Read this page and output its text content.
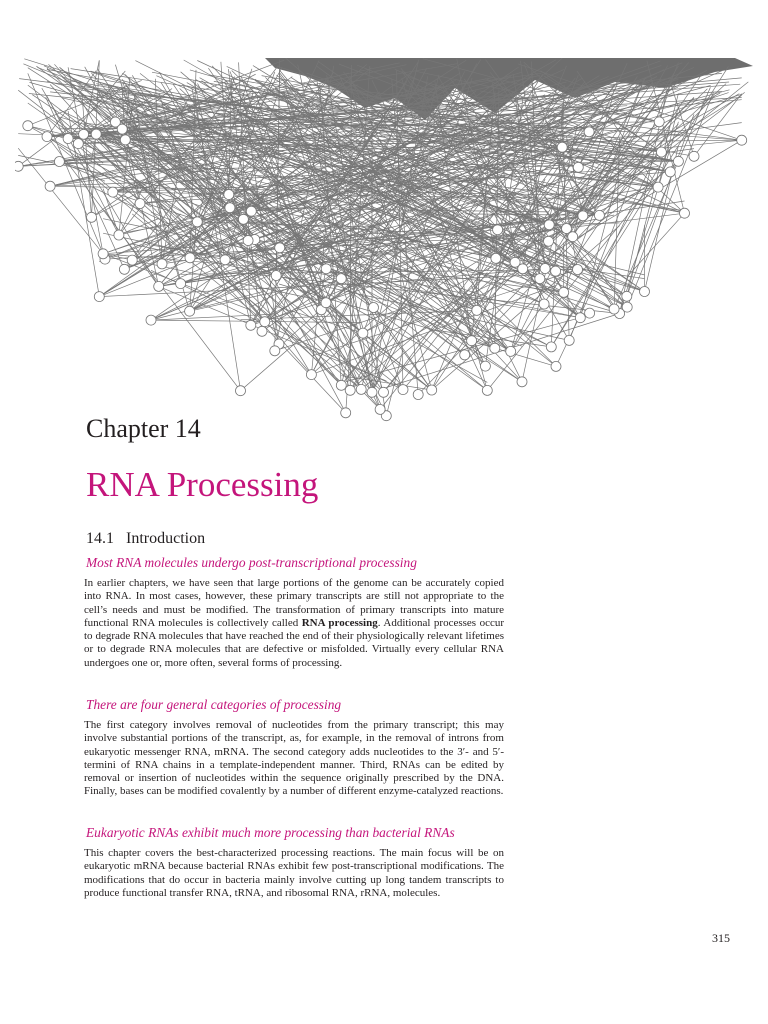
Chapter 14
RNA Processing
14.1 Introduction
Most RNA molecules undergo post-transcriptional processing

In earlier chapters, we have seen that large portions of the genome can be accurately copied into RNA. In most cases, however, these primary transcripts are still not appropriate to the cell’s needs and must be modified. The transformation of primary transcripts into mature functional RNA molecules is collectively called RNA processing. Additional processes occur to degrade RNA molecules that have reached the end of their physiologically relevant lifetimes or to degrade RNA molecules that are defective or misfolded. Virtually every cellular RNA undergoes one or, more often, several forms of processing.

There are four general categories of processing

The first category involves removal of nucleotides from the primary transcript; this may involve substantial portions of the transcript, as, for example, in the removal of introns from eukaryotic messenger RNA, mRNA. The second category adds nucleotides to the 3′- and 5′-termini of RNA chains in a template-independent manner. Third, RNAs can be edited by removal or insertion of nucleotides within the sequence originally prescribed by the DNA. Finally, bases can be modified covalently by a number of different enzyme-catalyzed reactions.

Eukaryotic RNAs exhibit much more processing than bacterial RNAs

This chapter covers the best-characterized processing reactions. The main focus will be on eukaryotic mRNA because bacterial RNAs exhibit few post-transcriptional modifications. The modifications that do occur in bacteria mainly involve cutting up long tandem transcripts to produce functional transfer RNA, tRNA, and ribosomal RNA, rRNA, molecules.

315
